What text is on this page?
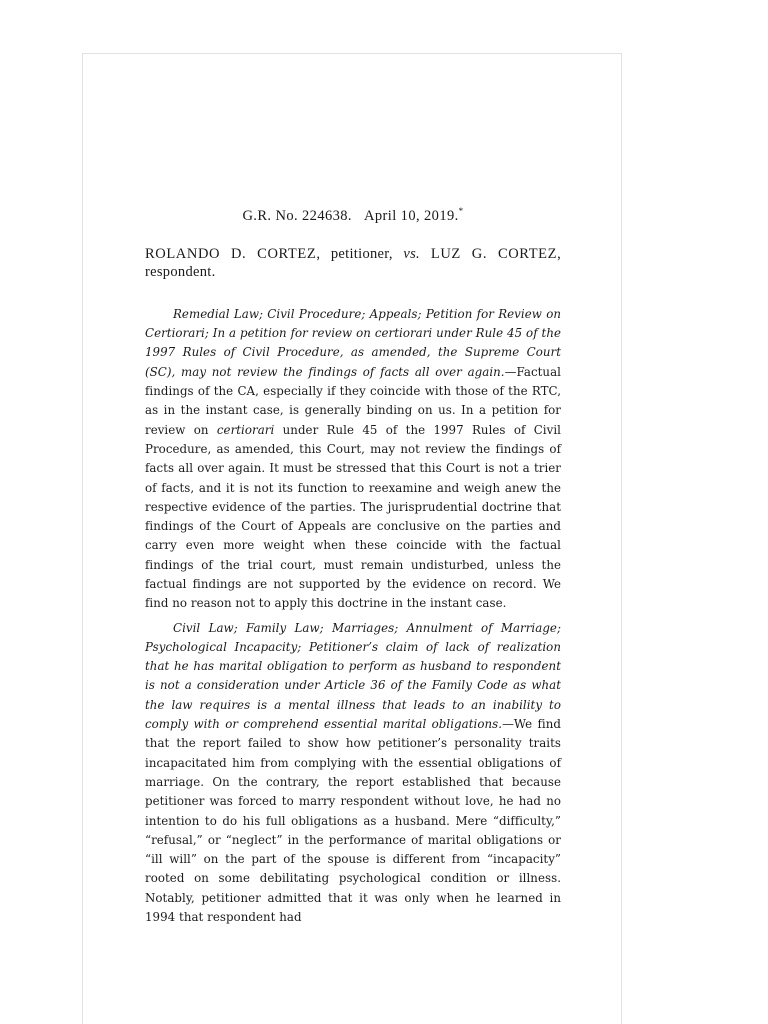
G.R. No. 224638. April 10, 2019.*

ROLANDO D. CORTEZ, petitioner, vs. LUZ G. CORTEZ, respondent.

Remedial Law; Civil Procedure; Appeals; Petition for Review on Certiorari; In a petition for review on certiorari under Rule 45 of the 1997 Rules of Civil Procedure, as amended, the Supreme Court (SC), may not review the findings of facts all over again.—Factual findings of the CA, especially if they coincide with those of the RTC, as in the instant case, is generally binding on us. In a petition for review on certiorari under Rule 45 of the 1997 Rules of Civil Procedure, as amended, this Court, may not review the findings of facts all over again. It must be stressed that this Court is not a trier of facts, and it is not its function to reexamine and weigh anew the respective evidence of the parties. The jurisprudential doctrine that findings of the Court of Appeals are conclusive on the parties and carry even more weight when these coincide with the factual findings of the trial court, must remain undisturbed, unless the factual findings are not supported by the evidence on record. We find no reason not to apply this doctrine in the instant case.

Civil Law; Family Law; Marriages; Annulment of Marriage; Psychological Incapacity; Petitioner’s claim of lack of realization that he has marital obligation to perform as husband to respondent is not a consideration under Article 36 of the Family Code as what the law requires is a mental illness that leads to an inability to comply with or comprehend essential marital obligations.—We find that the report failed to show how petitioner’s personality traits incapacitated him from complying with the essential obligations of marriage. On the contrary, the report established that because petitioner was forced to marry respondent without love, he had no intention to do his full obligations as a husband. Mere “difficulty,” “refusal,” or “neglect” in the performance of marital obligations or “ill will” on the part of the spouse is different from “incapacity” rooted on some debilitating psychological condition or illness. Notably, petitioner admitted that it was only when he learned in 1994 that respondent had
